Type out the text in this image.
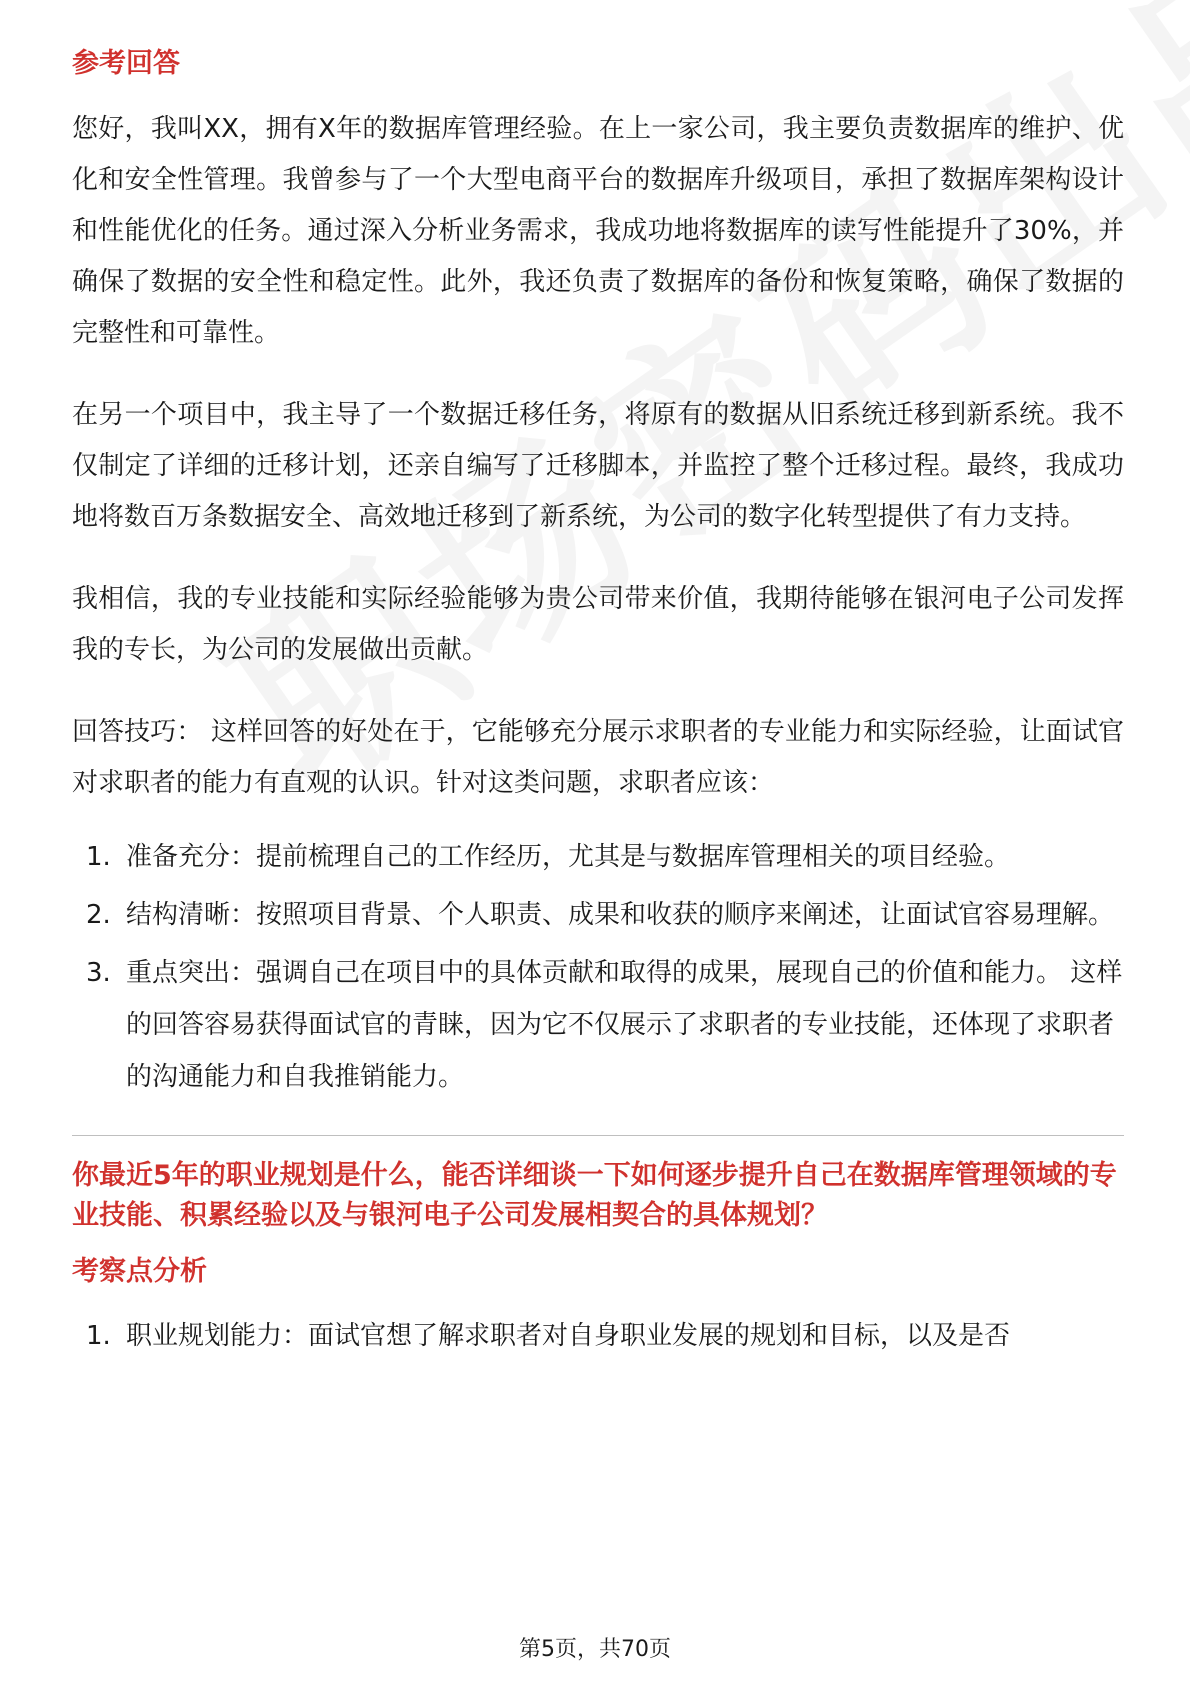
参考回答

您好，我叫XX，拥有X年的数据库管理经验。在上一家公司，我主要负责数据库的维护、优化和安全性管理。我曾参与了一个大型电商平台的数据库升级项目，承担了数据库架构设计和性能优化的任务。通过深入分析业务需求，我成功地将数据库的读写性能提升了30%，并确保了数据的安全性和稳定性。此外，我还负责了数据库的备份和恢复策略，确保了数据的完整性和可靠性。

在另一个项目中，我主导了一个数据迁移任务，将原有的数据从旧系统迁移到新系统。我不仅制定了详细的迁移计划，还亲自编写了迁移脚本，并监控了整个迁移过程。最终，我成功地将数百万条数据安全、高效地迁移到了新系统，为公司的数字化转型提供了有力支持。

我相信，我的专业技能和实际经验能够为贵公司带来价值，我期待能够在银河电子公司发挥我的专长，为公司的发展做出贡献。

回答技巧： 这样回答的好处在于，它能够充分展示求职者的专业能力和实际经验，让面试官对求职者的能力有直观的认识。针对这类问题，求职者应该：

1. 准备充分：提前梳理自己的工作经历，尤其是与数据库管理相关的项目经验。
2. 结构清晰：按照项目背景、个人职责、成果和收获的顺序来阐述，让面试官容易理解。
3. 重点突出：强调自己在项目中的具体贡献和取得的成果，展现自己的价值和能力。 这样的回答容易获得面试官的青睐，因为它不仅展示了求职者的专业技能，还体现了求职者的沟通能力和自我推销能力。
你最近5年的职业规划是什么，能否详细谈一下如何逐步提升自己在数据库管理领域的专业技能、积累经验以及与银河电子公司发展相契合的具体规划？
考察点分析
1. 职业规划能力：面试官想了解求职者对自身职业发展的规划和目标，以及是否
第5页，共70页
